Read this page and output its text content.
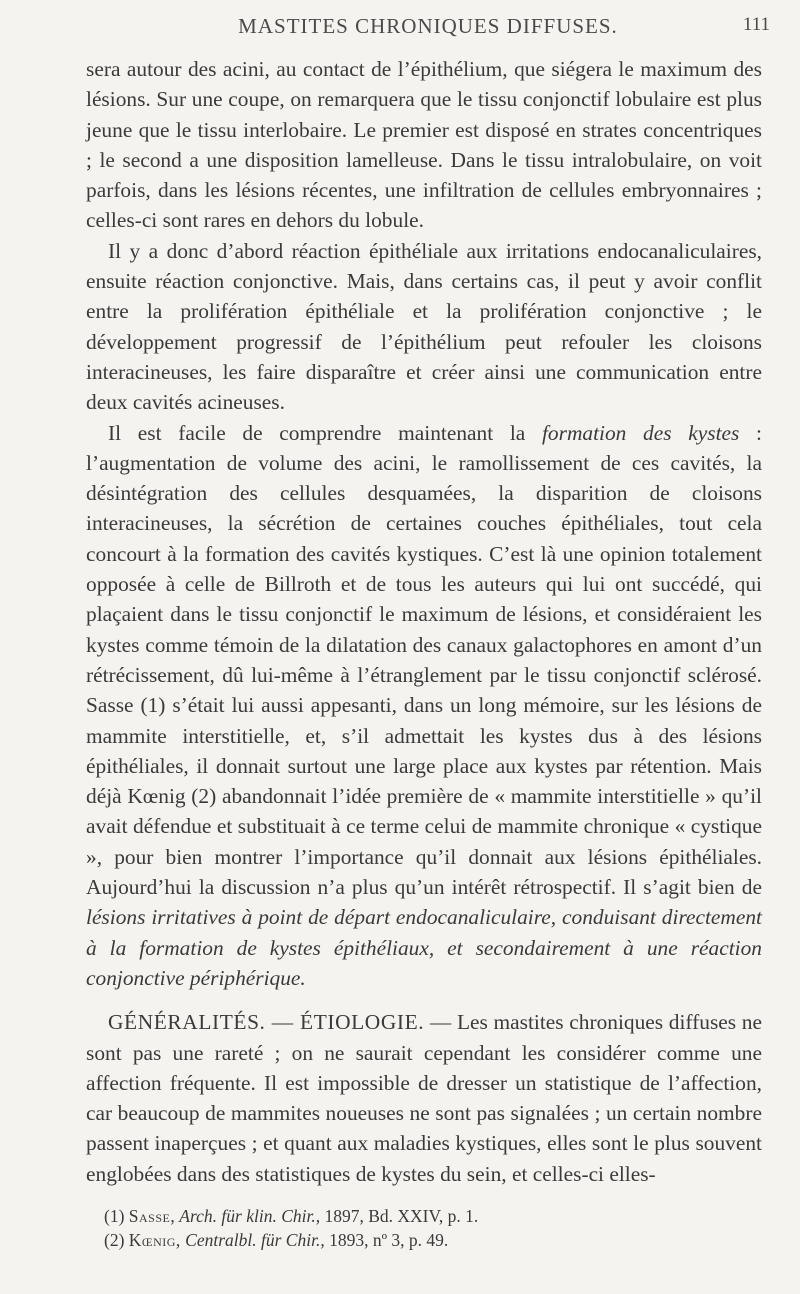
MASTITES CHRONIQUES DIFFUSES.	111

sera autour des acini, au contact de l’épithélium, que siégera le maximum des lésions. Sur une coupe, on remarquera que le tissu conjonctif lobulaire est plus jeune que le tissu interlobaire. Le premier est disposé en strates concentriques ; le second a une disposition lamelleuse. Dans le tissu intralobulaire, on voit parfois, dans les lésions récentes, une infiltration de cellules embryonnaires ; celles-ci sont rares en dehors du lobule.

Il y a donc d’abord réaction épithéliale aux irritations endocanaliculaires, ensuite réaction conjonctive. Mais, dans certains cas, il peut y avoir conflit entre la prolifération épithéliale et la prolifération conjonctive ; le développement progressif de l’épithélium peut refouler les cloisons interacineuses, les faire disparaître et créer ainsi une communication entre deux cavités acineuses.

Il est facile de comprendre maintenant la formation des kystes : l’augmentation de volume des acini, le ramollissement de ces cavités, la désintégration des cellules desquamées, la disparition de cloisons interacineuses, la sécrétion de certaines couches épithéliales, tout cela concourt à la formation des cavités kystiques. C’est là une opinion totalement opposée à celle de Billroth et de tous les auteurs qui lui ont succédé, qui plaçaient dans le tissu conjonctif le maximum de lésions, et considéraient les kystes comme témoin de la dilatation des canaux galactophores en amont d’un rétrécissement, dû lui-même à l’étranglement par le tissu conjonctif sclérosé. Sasse (1) s’était lui aussi appesanti, dans un long mémoire, sur les lésions de mammite interstitielle, et, s’il admettait les kystes dus à des lésions épithéliales, il donnait surtout une large place aux kystes par rétention. Mais déjà Kœnig (2) abandonnait l’idée première de « mammite interstitielle » qu’il avait défendue et substituait à ce terme celui de mammite chronique « cystique », pour bien montrer l’importance qu’il donnait aux lésions épithéliales. Aujourd’hui la discussion n’a plus qu’un intérêt rétrospectif. Il s’agit bien de lésions irritatives à point de départ endocanaliculaire, conduisant directement à la formation de kystes épithéliaux, et secondairement à une réaction conjonctive périphérique.

GÉNÉRALITÉS. — ÉTIOLOGIE. — Les mastites chroniques diffuses ne sont pas une rareté ; on ne saurait cependant les considérer comme une affection fréquente. Il est impossible de dresser un statistique de l’affection, car beaucoup de mammites noueuses ne sont pas signalées ; un certain nombre passent inaperçues ; et quant aux maladies kystiques, elles sont le plus souvent englobées dans des statistiques de kystes du sein, et celles-ci elles-

(1) Sasse, Arch. für klin. Chir., 1897, Bd. XXIV, p. 1.

(2) Kœnig, Centralbl. für Chir., 1893, nº 3, p. 49.
